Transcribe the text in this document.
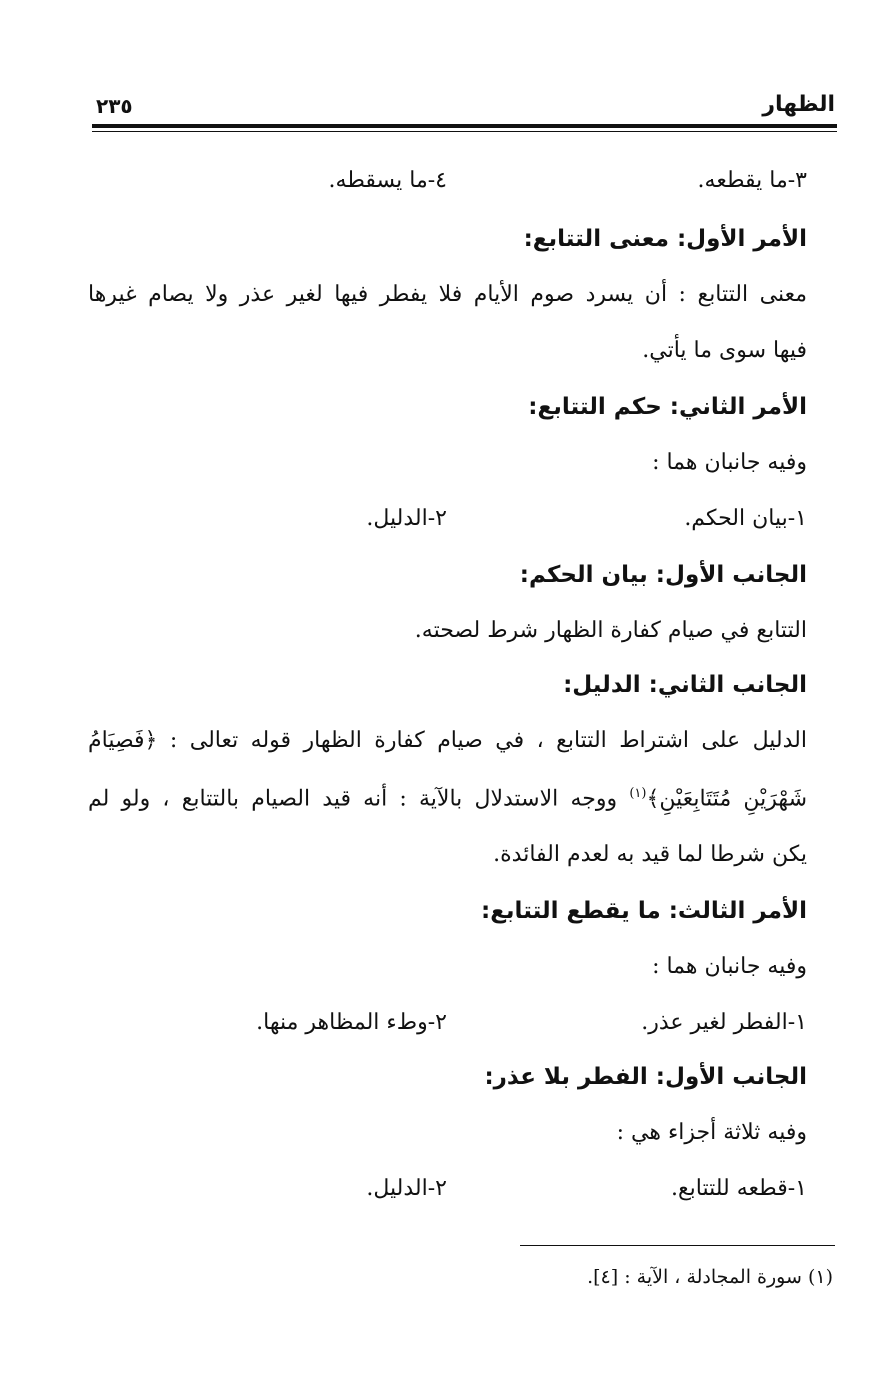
الظهار
٢٣٥
٣-ما يقطعه.
٤-ما يسقطه.
الأمر الأول: معنى التتابع:
معنى التتابع : أن يسرد صوم الأيام فلا يفطر فيها لغير عذر ولا يصام غيرها
فيها سوى ما يأتي.
الأمر الثاني: حكم التتابع:
وفيه جانبان هما :
١-بيان الحكم.
٢-الدليل.
الجانب الأول: بيان الحكم:
التتابع في صيام كفارة الظهار شرط لصحته.
الجانب الثاني: الدليل:
الدليل على اشتراط التتابع ، في صيام كفارة الظهار قوله تعالى : ﴿فَصِيَامُ
شَهْرَيْنِ مُتَتَابِعَيْنِ﴾$^{(١)}$ ووجه الاستدلال بالآية : أنه قيد الصيام بالتتابع ، ولو لم
يكن شرطا لما قيد به لعدم الفائدة.
الأمر الثالث: ما يقطع التتابع:
وفيه جانبان هما :
١-الفطر لغير عذر.
٢-وطء المظاهر منها.
الجانب الأول: الفطر بلا عذر:
وفيه ثلاثة أجزاء هي :
١-قطعه للتتابع.
٢-الدليل.
(١) سورة المجادلة ، الآية : [٤].
